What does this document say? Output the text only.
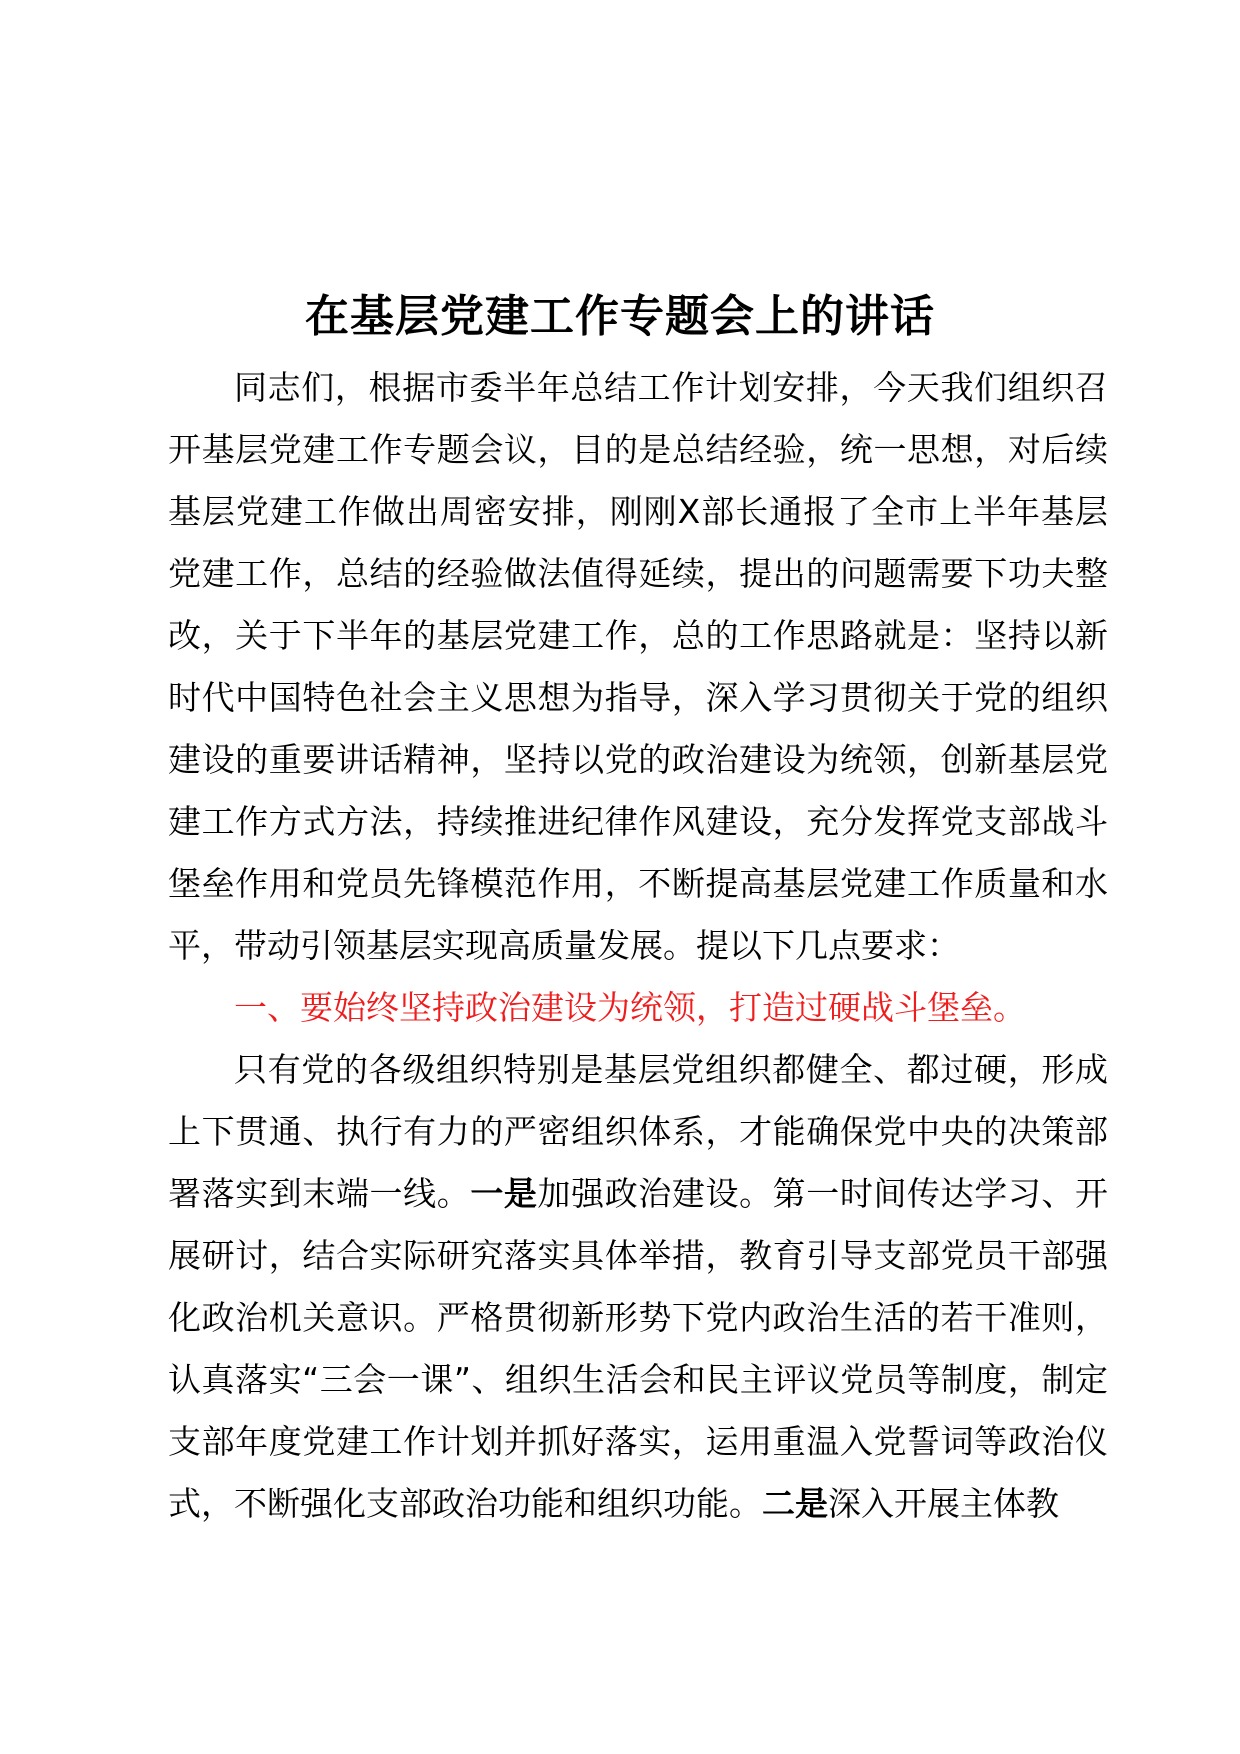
在基层党建工作专题会上的讲话

同志们，根据市委半年总结工作计划安排，今天我们组织召开基层党建工作专题会议，目的是总结经验，统一思想，对后续基层党建工作做出周密安排，刚刚X部长通报了全市上半年基层党建工作，总结的经验做法值得延续，提出的问题需要下功夫整改，关于下半年的基层党建工作，总的工作思路就是：坚持以新时代中国特色社会主义思想为指导，深入学习贯彻关于党的组织建设的重要讲话精神，坚持以党的政治建设为统领，创新基层党建工作方式方法，持续推进纪律作风建设，充分发挥党支部战斗堡垒作用和党员先锋模范作用，不断提高基层党建工作质量和水平，带动引领基层实现高质量发展。提以下几点要求：

一、要始终坚持政治建设为统领，打造过硬战斗堡垒。

只有党的各级组织特别是基层党组织都健全、都过硬，形成上下贯通、执行有力的严密组织体系，才能确保党中央的决策部署落实到末端一线。一是加强政治建设。第一时间传达学习、开展研讨，结合实际研究落实具体举措，教育引导支部党员干部强化政治机关意识。严格贯彻新形势下党内政治生活的若干准则，认真落实“三会一课”、组织生活会和民主评议党员等制度，制定支部年度党建工作计划并抓好落实，运用重温入党誓词等政治仪式，不断强化支部政治功能和组织功能。二是深入开展主体教
